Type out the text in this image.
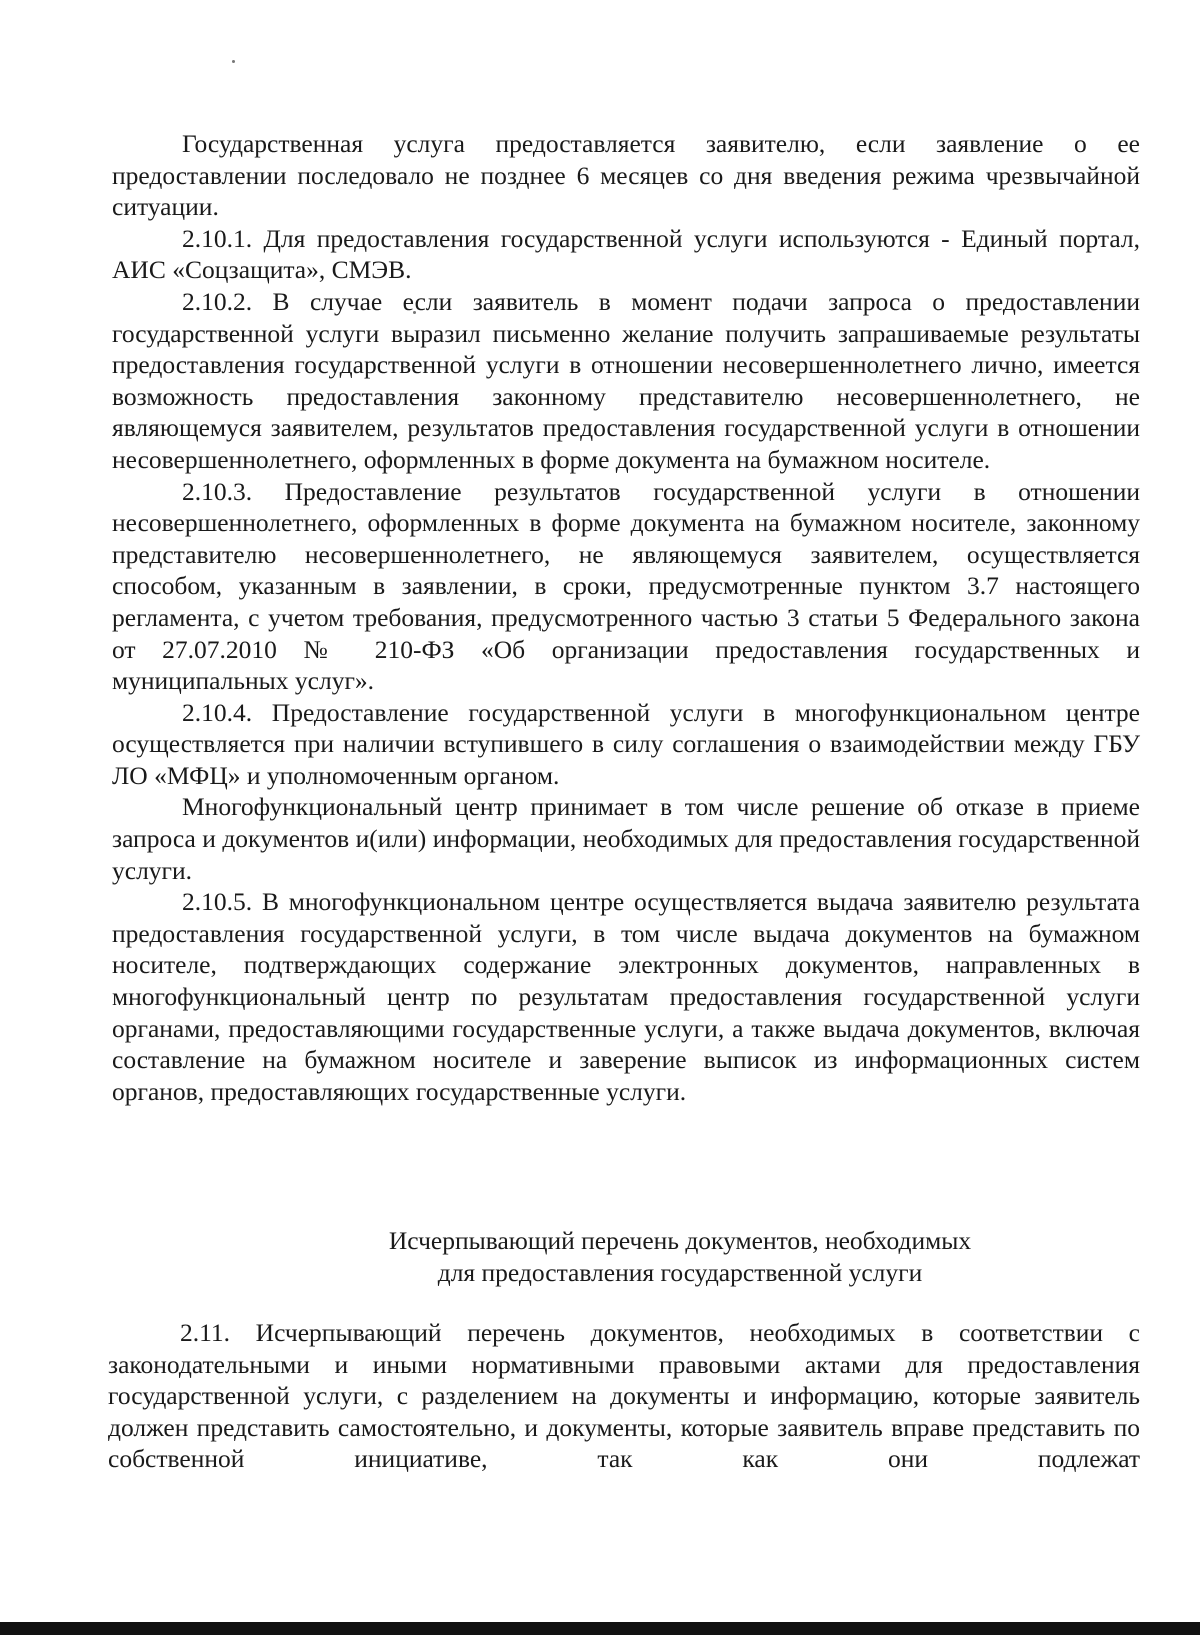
Государственная услуга предоставляется заявителю, если заявление о ее предоставлении последовало не позднее 6 месяцев со дня введения режима чрезвычайной ситуации.

2.10.1. Для предоставления государственной услуги используются - Единый портал, АИС «Соцзащита», СМЭВ.

2.10.2. В случае если заявитель в момент подачи запроса о предоставлении государственной услуги выразил письменно желание получить запрашиваемые результаты предоставления государственной услуги в отношении несовершеннолетнего лично, имеется возможность предоставления законному представителю несовершеннолетнего, не являющемуся заявителем, результатов предоставления государственной услуги в отношении несовершеннолетнего, оформленных в форме документа на бумажном носителе.

2.10.3. Предоставление результатов государственной услуги в отношении несовершеннолетнего, оформленных в форме документа на бумажном носителе, законному представителю несовершеннолетнего, не являющемуся заявителем, осуществляется способом, указанным в заявлении, в сроки, предусмотренные пунктом 3.7 настоящего регламента, с учетом требования, предусмотренного частью 3 статьи 5 Федерального закона от 27.07.2010 № 210-ФЗ «Об организации предоставления государственных и муниципальных услуг».

2.10.4. Предоставление государственной услуги в многофункциональном центре осуществляется при наличии вступившего в силу соглашения о взаимодействии между ГБУ ЛО «МФЦ» и уполномоченным органом.

Многофункциональный центр принимает в том числе решение об отказе в приеме запроса и документов и(или) информации, необходимых для предоставления государственной услуги.

2.10.5. В многофункциональном центре осуществляется выдача заявителю результата предоставления государственной услуги, в том числе выдача документов на бумажном носителе, подтверждающих содержание электронных документов, направленных в многофункциональный центр по результатам предоставления государственной услуги органами, предоставляющими государственные услуги, а также выдача документов, включая составление на бумажном носителе и заверение выписок из информационных систем органов, предоставляющих государственные услуги.

Исчерпывающий перечень документов, необходимых
для предоставления государственной услуги

2.11. Исчерпывающий перечень документов, необходимых в соответствии с законодательными и иными нормативными правовыми актами для предоставления государственной услуги, с разделением на документы и информацию, которые заявитель должен представить самостоятельно, и документы, которые заявитель вправе представить по собственной инициативе, так как они подлежат
